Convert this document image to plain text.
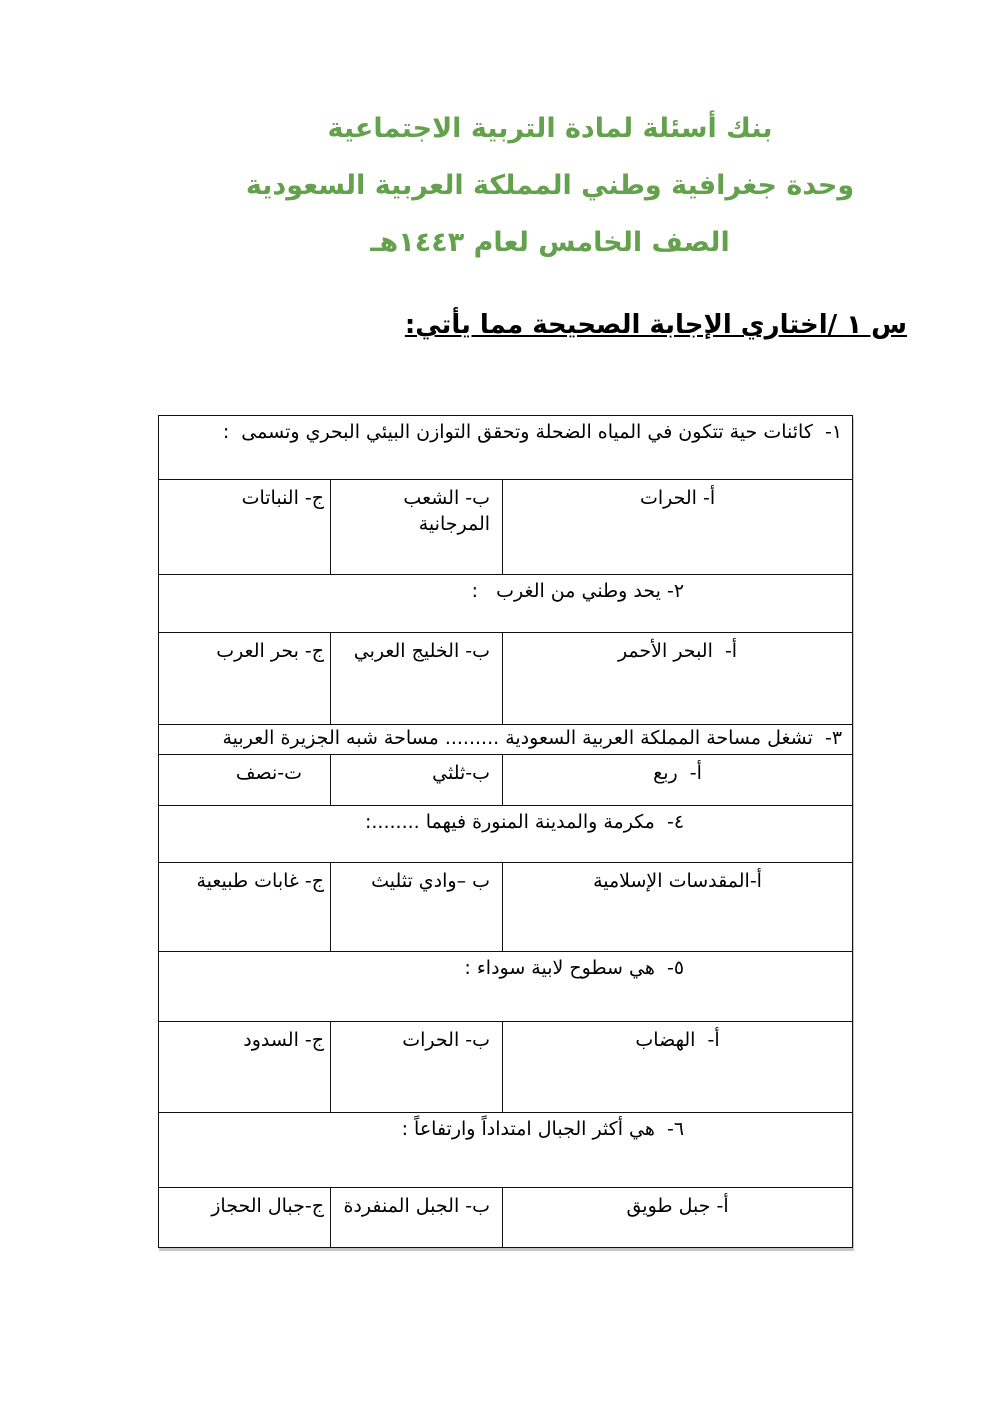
بنك أسئلة لمادة التربية الاجتماعية
وحدة جغرافية وطني المملكة العربية السعودية
الصف الخامس لعام ١٤٤٣هـ
س ١ /اختاري الإجابة الصحيحة مما يأتي:
١-  كائنات حية تتكون في المياه الضحلة وتحقق التوازن البيئي البحري وتسمى  :		
أ- الحرات	ب- الشعب المرجانية	ج- النباتات
٢- يحد وطني من الغرب   :		
أ-  البحر الأحمر	ب- الخليج العربي	ج- بحر العرب
٣-  تشغل مساحة المملكة العربية السعودية ......... مساحة شبه الجزيرة العربية		
أ-  ربع	ب-ثلثي	ت-نصف
٤-  مكرمة والمدينة المنورة فيهما ........:		
أ-المقدسات الإسلامية	ب –وادي تثليث	ج- غابات طبيعية
٥-  هي سطوح لابية سوداء :		
أ-  الهضاب	ب- الحرات	ج- السدود
٦-  هي أكثر الجبال امتداداً وارتفاعاً :		
أ- جبل طويق	ب- الجبل المنفردة	ج-جبال الحجاز
